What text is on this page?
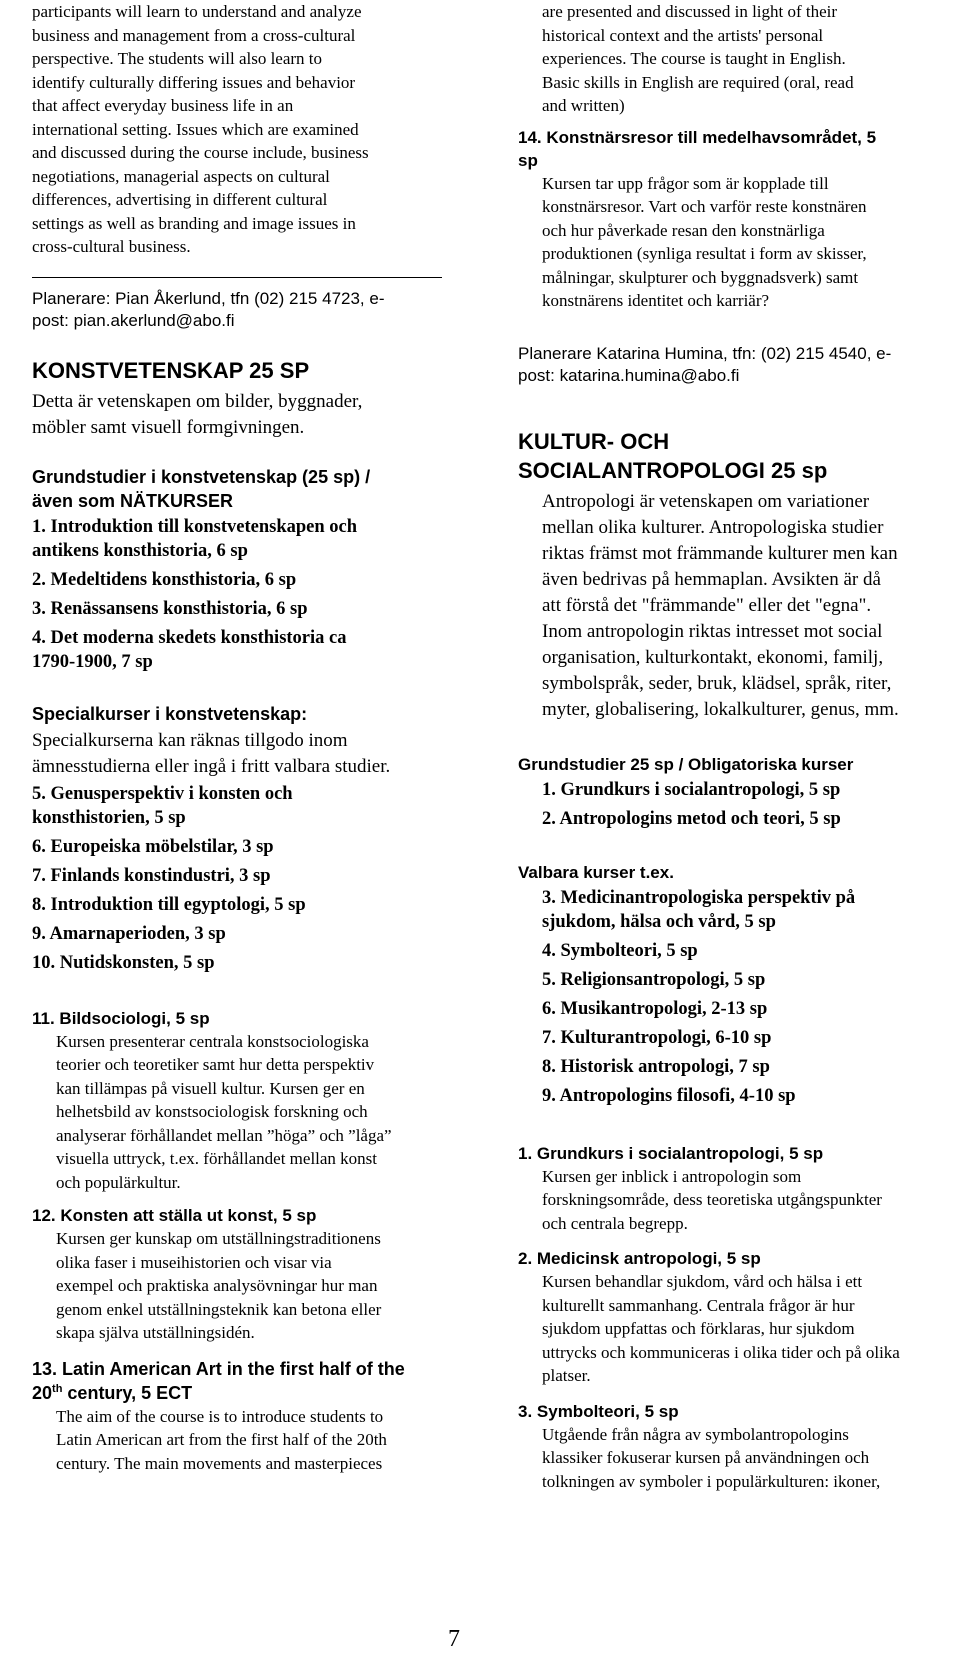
participants will learn to understand and analyze
business and management from a cross-cultural
perspective. The students will also learn to
identify culturally differing issues and behavior
that affect everyday business life in an
international setting. Issues which are examined
and discussed during the course include, business
negotiations, managerial aspects on cultural
differences, advertising in different cultural
settings as well as branding and image issues in
cross-cultural business.
Planerare: Pian Åkerlund, tfn (02) 215 4723, e-
post: pian.akerlund@abo.fi
KONSTVETENSKAP 25 SP
Detta är vetenskapen om bilder, byggnader,
möbler samt visuell formgivningen.
Grundstudier i konstvetenskap (25 sp) /
även som NÄTKURSER
1. Introduktion till konstvetenskapen och
antikens konsthistoria, 6 sp
2. Medeltidens konsthistoria, 6 sp
3. Renässansens konsthistoria, 6 sp
4. Det moderna skedets konsthistoria ca
1790-1900, 7 sp
Specialkurser i konstvetenskap:
Specialkurserna kan räknas tillgodo inom
ämnesstudierna eller ingå i fritt valbara studier.
5. Genusperspektiv i konsten och
konsthistorien, 5 sp
6. Europeiska möbelstilar, 3 sp
7. Finlands konstindustri, 3 sp
8. Introduktion till egyptologi, 5 sp
9. Amarnaperioden, 3 sp
10. Nutidskonsten, 5 sp
11. Bildsociologi, 5 sp
Kursen presenterar centrala konstsociologiska
teorier och teoretiker samt hur detta perspektiv
kan tillämpas på visuell kultur. Kursen ger en
helhetsbild av konstsociologisk forskning och
analyserar förhållandet mellan ”höga” och ”låga”
visuella uttryck, t.ex. förhållandet mellan konst
och populärkultur.
12. Konsten att ställa ut konst, 5 sp
Kursen ger kunskap om utställningstraditionens
olika faser i museihistorien och visar via
exempel och praktiska analysövningar hur man
genom enkel utställningsteknik kan betona eller
skapa själva utställningsidén.
13. Latin American Art in the first half of the
20th century, 5 ECT
The aim of the course is to introduce students to
Latin American art from the first half of the 20th
century. The main movements and masterpieces
are presented and discussed in light of their
historical context and the artists' personal
experiences. The course is taught in English.
Basic skills in English are required (oral, read
and written)
14. Konstnärsresor till medelhavsområdet, 5
sp
Kursen tar upp frågor som är kopplade till
konstnärsresor. Vart och varför reste konstnären
och hur påverkade resan den konstnärliga
produktionen (synliga resultat i form av skisser,
målningar, skulpturer och byggnadsverk) samt
konstnärens identitet och karriär?
Planerare Katarina Humina, tfn: (02) 215 4540, e-
post: katarina.humina@abo.fi
KULTUR- OCH
SOCIALANTROPOLOGI 25 sp
Antropologi är vetenskapen om variationer
mellan olika kulturer. Antropologiska studier
riktas främst mot främmande kulturer men kan
även bedrivas på hemmaplan. Avsikten är då
att förstå det "främmande" eller det "egna".
Inom antropologin riktas intresset mot social
organisation, kulturkontakt, ekonomi, familj,
symbolspråk, seder, bruk, klädsel, språk, riter,
myter, globalisering, lokalkulturer, genus, mm.
Grundstudier 25 sp / Obligatoriska kurser
1. Grundkurs i socialantropologi, 5 sp
2. Antropologins metod och teori, 5 sp
Valbara kurser t.ex.
3. Medicinantropologiska perspektiv på
sjukdom, hälsa och vård, 5 sp
4. Symbolteori, 5 sp
5. Religionsantropologi, 5 sp
6. Musikantropologi, 2-13 sp
7. Kulturantropologi, 6-10 sp
8. Historisk antropologi, 7 sp
9. Antropologins filosofi, 4-10 sp
1. Grundkurs i socialantropologi, 5 sp
Kursen ger inblick i antropologin som
forskningsområde, dess teoretiska utgångspunkter
och centrala begrepp.
2. Medicinsk antropologi, 5 sp
Kursen behandlar sjukdom, vård och hälsa i ett
kulturellt sammanhang. Centrala frågor är hur
sjukdom uppfattas och förklaras, hur sjukdom
uttrycks och kommuniceras i olika tider och på olika
platser.
3. Symbolteori, 5 sp
Utgående från några av symbolantropologins
klassiker fokuserar kursen på användningen och
tolkningen av symboler i populärkulturen: ikoner,
7
